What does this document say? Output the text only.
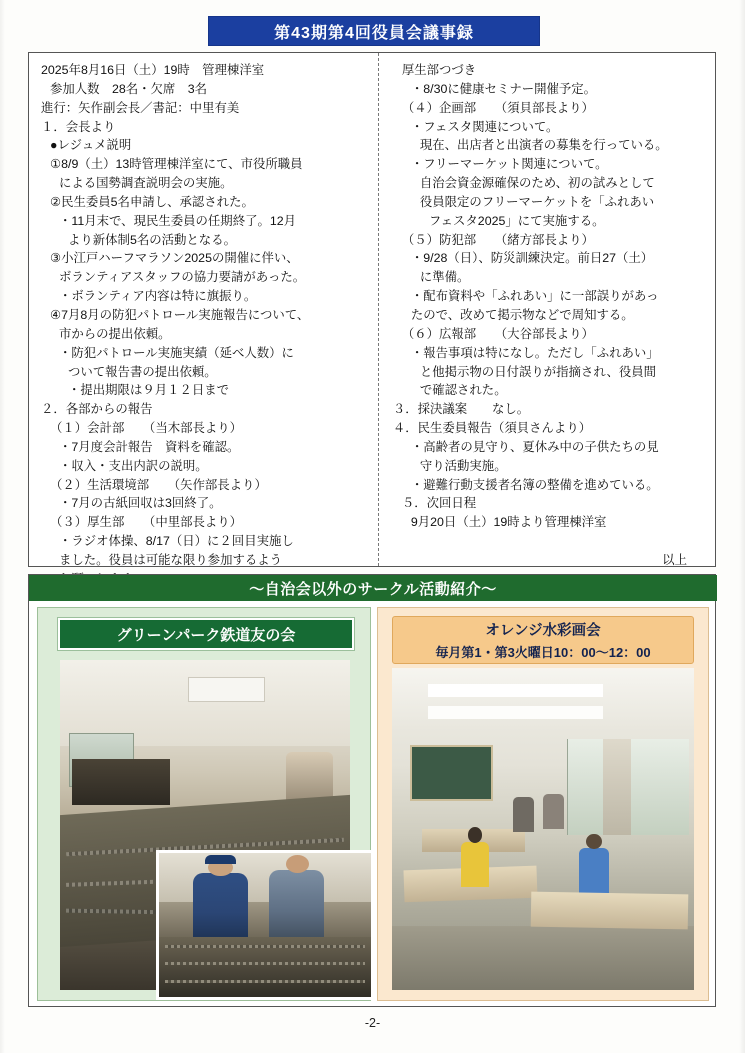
第43期第4回役員会議事録
2025年8月16日（土）19時　管理棟洋室
参加人数　28名・欠席　3名
進行：矢作副会長／書記：中里有美
１．会長より
●レジュメ説明
①8/9（土）13時管理棟洋室にて、市役所職員
による国勢調査説明会の実施。
②民生委員5名申請し、承認された。
・11月末で、現民生委員の任期終了。12月
より新体制5名の活動となる。
③小江戸ハーフマラソン2025の開催に伴い、
ボランティアスタッフの協力要請があった。
・ボランティア内容は特に旗振り。
④7月8月の防犯パトロール実施報告について、
市からの提出依頼。
・防犯パトロール実施実績（延べ人数）に
ついて報告書の提出依頼。
・提出期限は９月１２日まで
２．各部からの報告
（１）会計部　　（当木部長より）
・7月度会計報告　資料を確認。
・収入・支出内訳の説明。
（２）生活環境部　　（矢作部長より）
・7月の古紙回収は3回終了。
（３）厚生部　　（中里部長より）
・ラジオ体操、8/17（日）に２回目実施し
ました。役員は可能な限り参加するよう
厚生部つづき
・8/30に健康セミナー開催予定。
（４）企画部　　（須貝部長より）
・フェスタ関連について。
現在、出店者と出演者の募集を行っている。
・フリーマーケット関連について。
自治会資金源確保のため、初の試みとして
役員限定のフリーマーケットを「ふれあい
フェスタ2025」にて実施する。
（５）防犯部　　（緒方部長より）
・9/28（日）、防災訓練決定。前日27（土）
に準備。
・配布資料や「ふれあい」に一部誤りがあっ
たので、改めて掲示物などで周知する。
（６）広報部　　（大谷部長より）
・報告事項は特になし。ただし「ふれあい」
と他掲示物の日付誤りが指摘され、役員間
で確認された。
３．採決議案　　なし。
４．民生委員報告（須貝さんより）
・高齢者の見守り、夏休み中の子供たちの見
守り活動実施。
・避難行動支援者名簿の整備を進めている。
５．次回日程
9月20日（土）19時より管理棟洋室

以上
～自治会以外のサークル活動紹介～
グリーンパーク鉄道友の会	オレンジ水彩画会
毎月第1・第3火曜日10：00～12：00
-2-
